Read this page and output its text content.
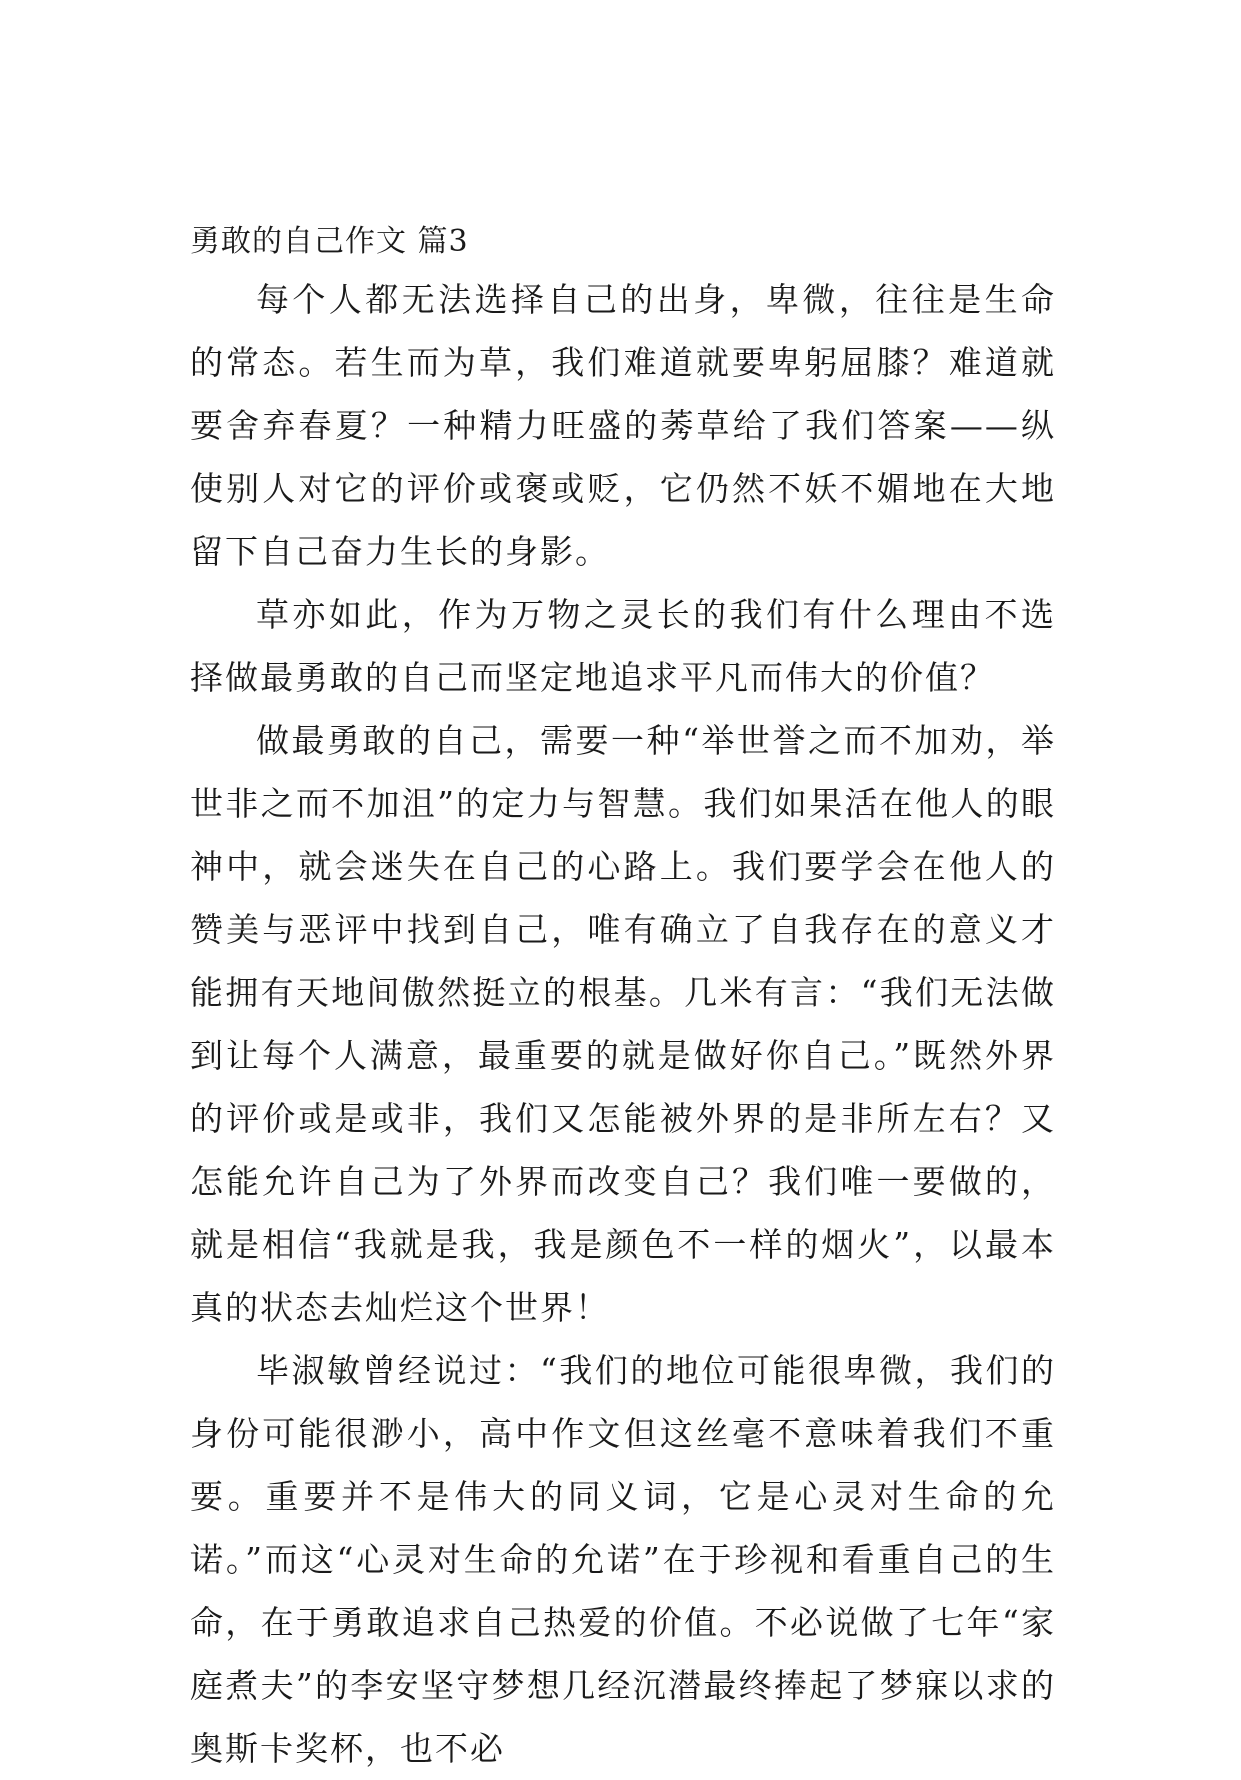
勇敢的自己作文 篇3

每个人都无法选择自己的出身，卑微，往往是生命的常态。若生而为草，我们难道就要卑躬屈膝？难道就要舍弃春夏？一种精力旺盛的莠草给了我们答案——纵使别人对它的评价或褒或贬，它仍然不妖不媚地在大地留下自己奋力生长的身影。

草亦如此，作为万物之灵长的我们有什么理由不选择做最勇敢的自己而坚定地追求平凡而伟大的价值？

做最勇敢的自己，需要一种“举世誉之而不加劝，举世非之而不加沮”的定力与智慧。我们如果活在他人的眼神中，就会迷失在自己的心路上。我们要学会在他人的赞美与恶评中找到自己，唯有确立了自我存在的意义才能拥有天地间傲然挺立的根基。几米有言：“我们无法做到让每个人满意，最重要的就是做好你自己。”既然外界的评价或是或非，我们又怎能被外界的是非所左右？又怎能允许自己为了外界而改变自己？我们唯一要做的，就是相信“我就是我，我是颜色不一样的烟火”，以最本真的状态去灿烂这个世界！

毕淑敏曾经说过：“我们的地位可能很卑微，我们的身份可能很渺小，高中作文但这丝毫不意味着我们不重要。重要并不是伟大的同义词，它是心灵对生命的允诺。”而这“心灵对生命的允诺”在于珍视和看重自己的生命，在于勇敢追求自己热爱的价值。不必说做了七年“家庭煮夫”的李安坚守梦想几经沉潜最终捧起了梦寐以求的奥斯卡奖杯，也不必
